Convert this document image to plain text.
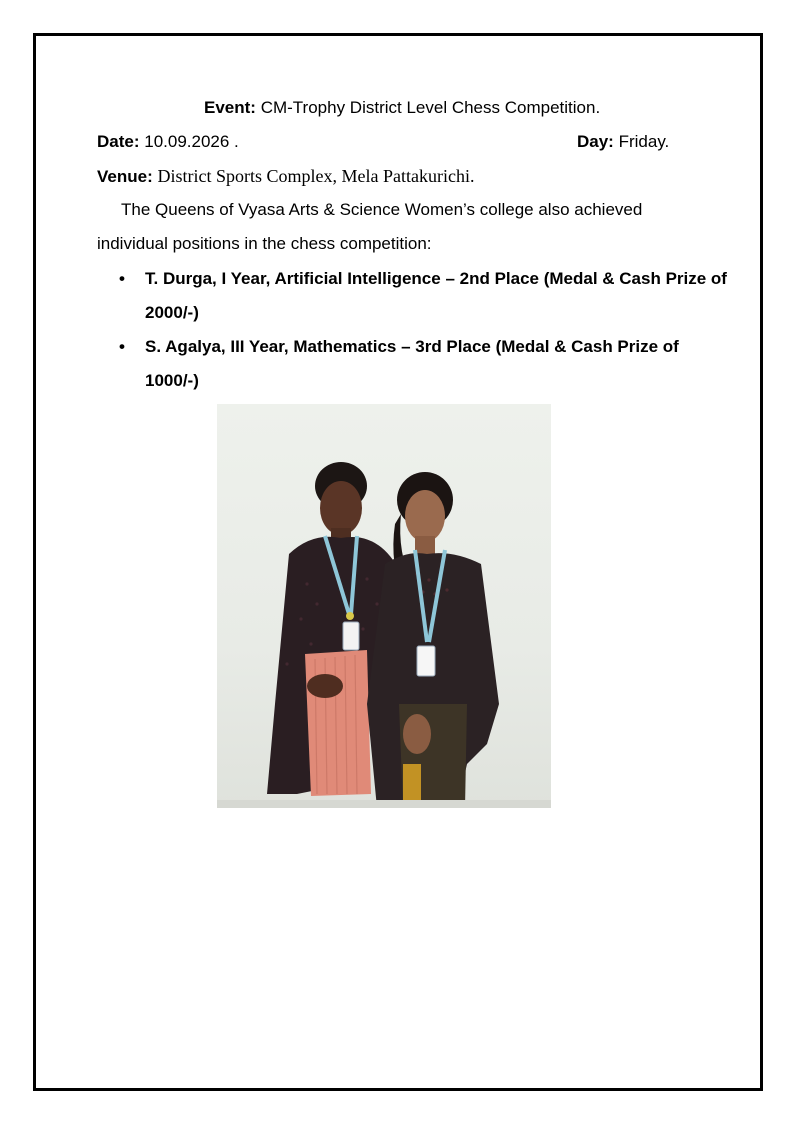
Event: CM-Trophy District Level Chess Competition.
Date: 10.09.2026 .	Day: Friday.
Venue: District Sports Complex, Mela Pattakurichi.
The Queens of Vyasa Arts & Science Women’s college also achieved
individual positions in the chess competition:
• T. Durga, I Year, Artificial Intelligence – 2nd Place (Medal & Cash Prize of
2000/-)
• S. Agalya, III Year, Mathematics – 3rd Place (Medal & Cash Prize of
1000/-)
